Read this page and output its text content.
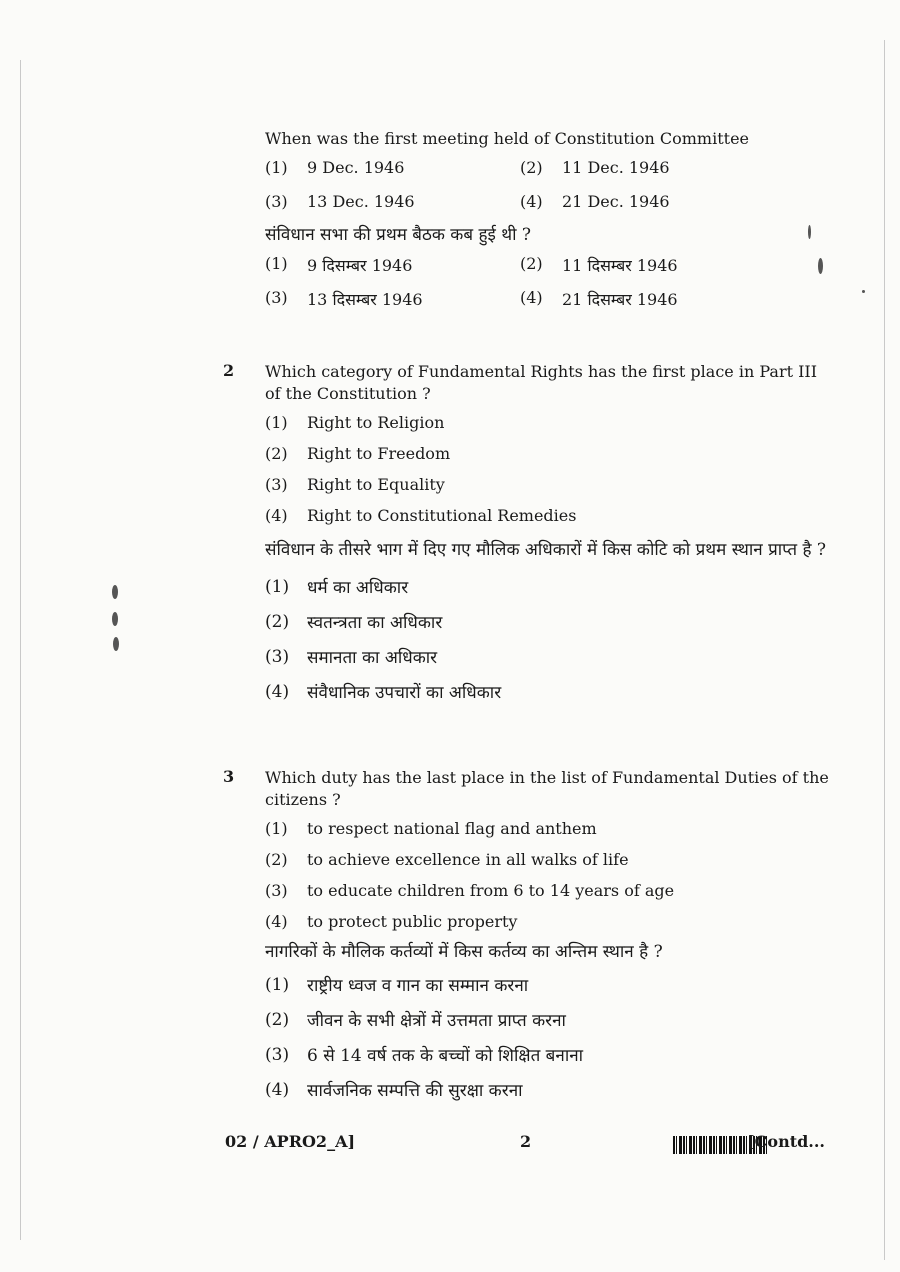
When was the first meeting held of Constitution Committee

(1)	9 Dec. 1946	(2)	11 Dec. 1946
(3)	13 Dec. 1946	(4)	21 Dec. 1946

संविधान सभा की प्रथम बैठक कब हुई थी ?

(1)	9 दिसम्बर 1946	(2)	11 दिसम्बर 1946
(3)	13 दिसम्बर 1946	(4)	21 दिसम्बर 1946
2 Which category of Fundamental Rights has the first place in Part III of the Constitution ?

(1)	Right to Religion
(2)	Right to Freedom
(3)	Right to Equality
(4)	Right to Constitutional Remedies

संविधान के तीसरे भाग में दिए गए मौलिक अधिकारों में किस कोटि को प्रथम स्थान प्राप्त है ?

(1)	धर्म का अधिकार
(2)	स्वतन्त्रता का अधिकार
(3)	समानता का अधिकार
(4)	संवैधानिक उपचारों का अधिकार
3 Which duty has the last place in the list of Fundamental Duties of the citizens ?

(1)	to respect national flag and anthem
(2)	to achieve excellence in all walks of life
(3)	to educate children from 6 to 14 years of age
(4)	to protect public property

नागरिकों के मौलिक कर्तव्यों में किस कर्तव्य का अन्तिम स्थान है ?

(1)	राष्ट्रीय ध्वज व गान का सम्मान करना
(2)	जीवन के सभी क्षेत्रों में उत्तमता प्राप्त करना
(3)	6 से 14 वर्ष तक के बच्चों को शिक्षित बनाना
(4)	सार्वजनिक सम्पत्ति की सुरक्षा करना
02 / APRO2_A]	2	[Contd...
